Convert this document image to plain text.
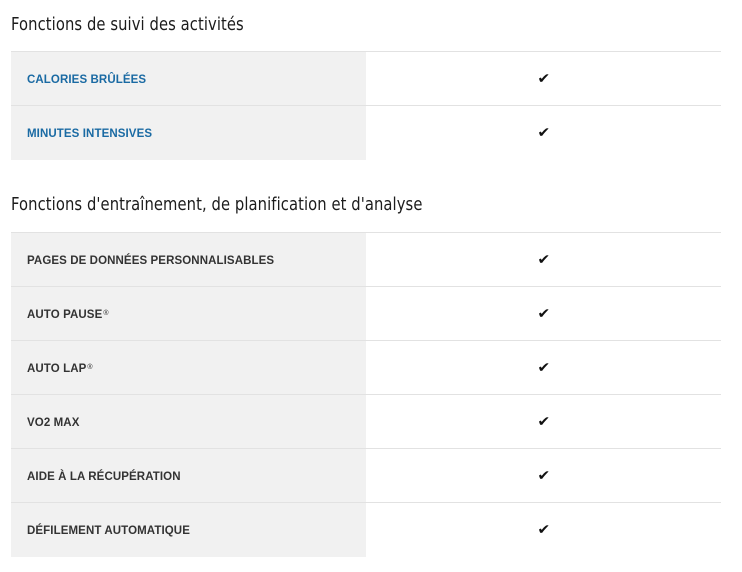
Fonctions de suivi des activités
CALORIES BRÛLÉES	✔
MINUTES INTENSIVES	✔
Fonctions d'entraînement, de planification et d'analyse
PAGES DE DONNÉES PERSONNALISABLES	✔
AUTO PAUSE®	✔
AUTO LAP®	✔
VO2 MAX	✔
AIDE À LA RÉCUPÉRATION	✔
DÉFILEMENT AUTOMATIQUE	✔
